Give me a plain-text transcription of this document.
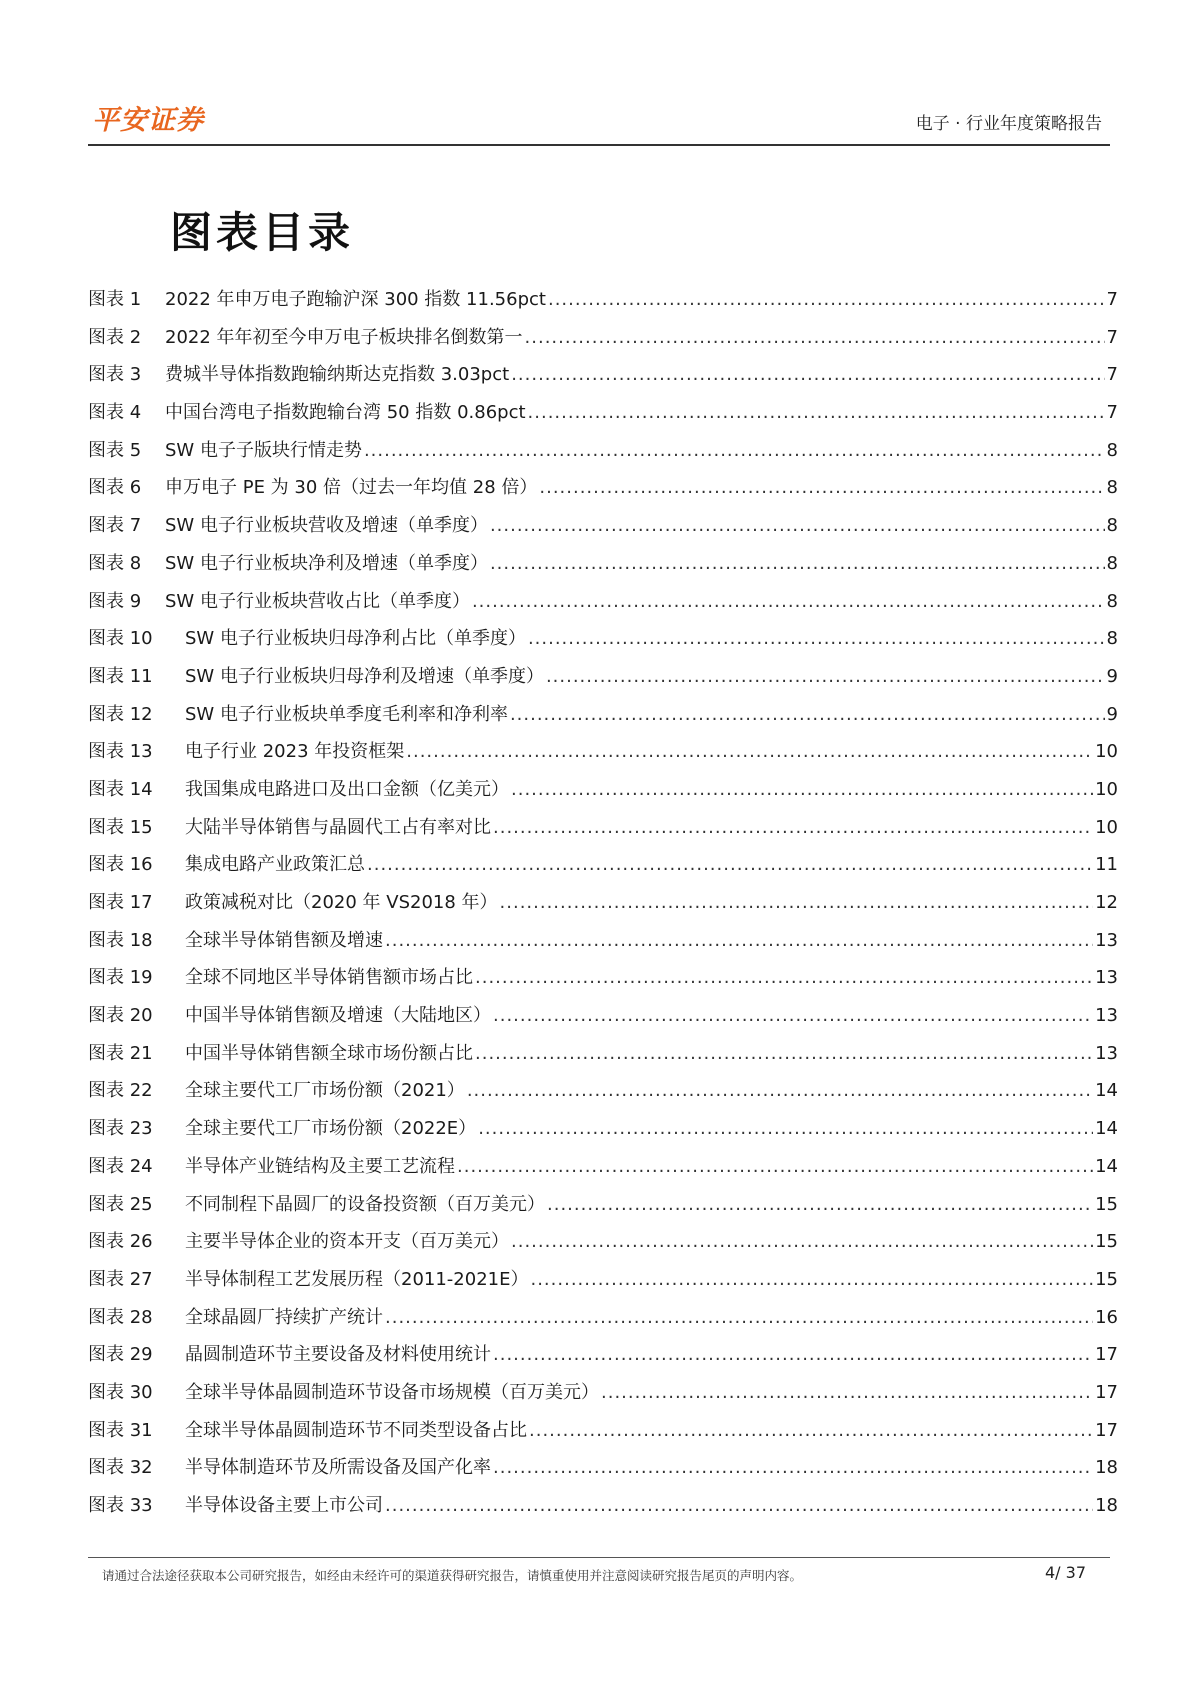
平安证券	电子 · 行业年度策略报告
图表目录
图表 1	2022 年申万电子跑输沪深 300 指数 11.56pct .....	7
图表 2	2022 年年初至今申万电子板块排名倒数第一 .....	7
图表 3	费城半导体指数跑输纳斯达克指数 3.03pct .....	7
图表 4	中国台湾电子指数跑输台湾 50 指数 0.86pct .....	7
图表 5	SW 电子子版块行情走势 .....	8
图表 6	申万电子 PE 为 30 倍（过去一年均值 28 倍） .....	8
图表 7	SW 电子行业板块营收及增速（单季度） .....	8
图表 8	SW 电子行业板块净利及增速（单季度） .....	8
图表 9	SW 电子行业板块营收占比（单季度） .....	8
图表 10	SW 电子行业板块归母净利占比（单季度） .....	8
图表 11	SW 电子行业板块归母净利及增速（单季度） .....	9
图表 12	SW 电子行业板块单季度毛利率和净利率 .....	9
图表 13	电子行业 2023 年投资框架 .....	10
图表 14	我国集成电路进口及出口金额（亿美元） .....	10
图表 15	大陆半导体销售与晶圆代工占有率对比 .....	10
图表 16	集成电路产业政策汇总 .....	11
图表 17	政策减税对比（2020 年 VS2018 年） .....	12
图表 18	全球半导体销售额及增速 .....	13
图表 19	全球不同地区半导体销售额市场占比 .....	13
图表 20	中国半导体销售额及增速（大陆地区） .....	13
图表 21	中国半导体销售额全球市场份额占比 .....	13
图表 22	全球主要代工厂市场份额（2021） .....	14
图表 23	全球主要代工厂市场份额（2022E） .....	14
图表 24	半导体产业链结构及主要工艺流程 .....	14
图表 25	不同制程下晶圆厂的设备投资额（百万美元） .....	15
图表 26	主要半导体企业的资本开支（百万美元） .....	15
图表 27	半导体制程工艺发展历程（2011-2021E） .....	15
图表 28	全球晶圆厂持续扩产统计 .....	16
图表 29	晶圆制造环节主要设备及材料使用统计 .....	17
图表 30	全球半导体晶圆制造环节设备市场规模（百万美元） .....	17
图表 31	全球半导体晶圆制造环节不同类型设备占比 .....	17
图表 32	半导体制造环节及所需设备及国产化率 .....	18
图表 33	半导体设备主要上市公司 .....	18
请通过合法途径获取本公司研究报告，如经由未经许可的渠道获得研究报告，请慎重使用并注意阅读研究报告尾页的声明内容。	4/ 37
